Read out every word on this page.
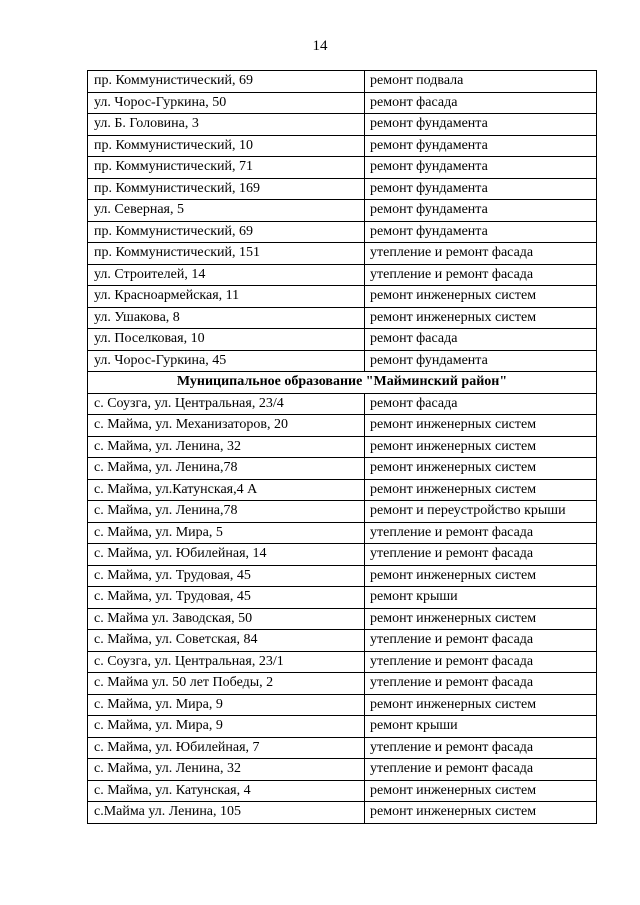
14
пр. Коммунистический, 69	ремонт подвала
ул. Чорос-Гуркина, 50	ремонт фасада
ул. Б. Головина, 3	ремонт фундамента
пр. Коммунистический, 10	ремонт фундамента
пр. Коммунистический, 71	ремонт фундамента
пр. Коммунистический, 169	ремонт фундамента
ул. Северная, 5	ремонт фундамента
пр. Коммунистический, 69	ремонт фундамента
пр. Коммунистический, 151	утепление и ремонт фасада
ул. Строителей, 14	утепление и ремонт фасада
ул. Красноармейская, 11	ремонт инженерных систем
ул. Ушакова, 8	ремонт инженерных систем
ул. Поселковая, 10	ремонт фасада
ул. Чорос-Гуркина, 45	ремонт фундамента
Муниципальное образование "Майминский район"	
с. Соузга, ул. Центральная, 23/4	ремонт фасада
с. Майма, ул. Механизаторов, 20	ремонт инженерных систем
с. Майма, ул. Ленина, 32	ремонт инженерных систем
с. Майма, ул. Ленина,78	ремонт инженерных систем
с. Майма, ул.Катунская,4 А	ремонт инженерных систем
с. Майма, ул. Ленина,78	ремонт и переустройство крыши
с. Майма, ул. Мира, 5	утепление и ремонт фасада
с. Майма, ул. Юбилейная, 14	утепление и ремонт фасада
с. Майма, ул. Трудовая, 45	ремонт инженерных систем
с. Майма, ул. Трудовая, 45	ремонт крыши
с. Майма ул. Заводская, 50	ремонт инженерных систем
с. Майма, ул. Советская, 84	утепление и ремонт фасада
с. Соузга, ул. Центральная, 23/1	утепление и ремонт фасада
с. Майма ул. 50 лет Победы, 2	утепление и ремонт фасада
с. Майма, ул. Мира, 9	ремонт инженерных систем
с. Майма, ул. Мира, 9	ремонт крыши
с. Майма, ул. Юбилейная, 7	утепление и ремонт фасада
с. Майма, ул. Ленина, 32	утепление и ремонт фасада
с. Майма, ул. Катунская, 4	ремонт инженерных систем
с.Майма ул. Ленина, 105	ремонт инженерных систем
